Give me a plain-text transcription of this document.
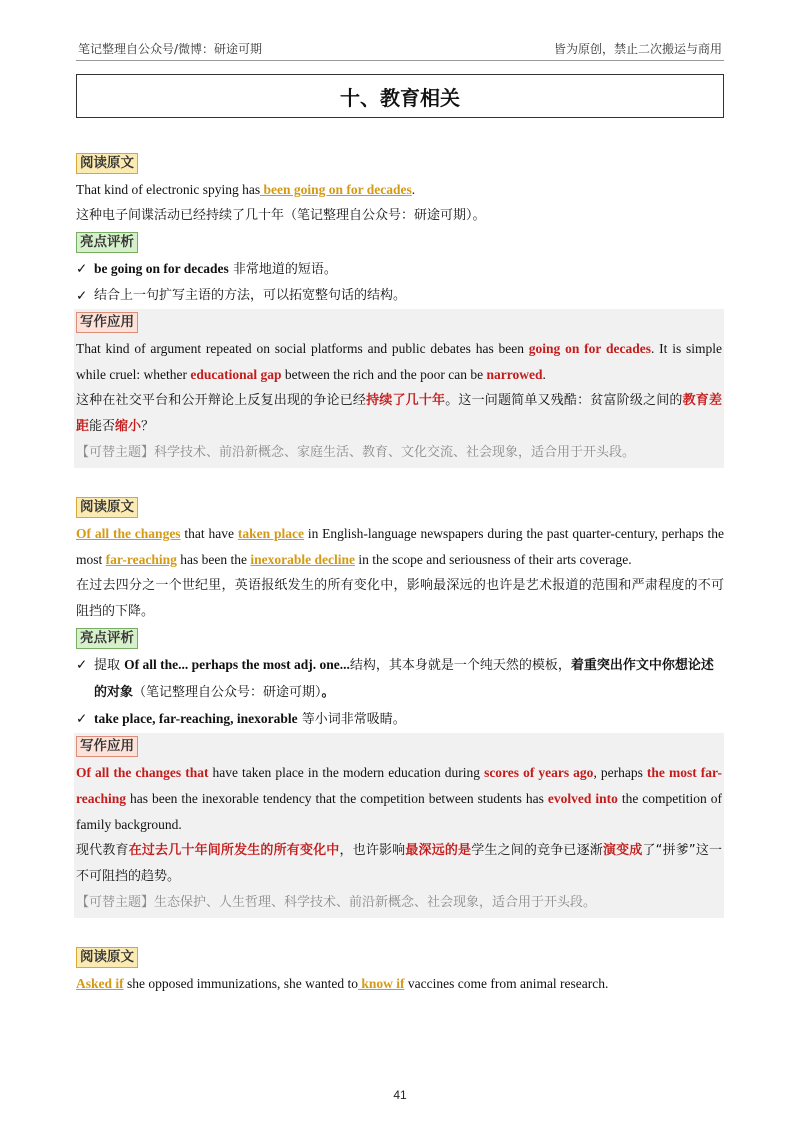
笔记整理自公众号/微博：研途可期	皆为原创，禁止二次搬运与商用
十、教育相关
阅读原文

That kind of electronic spying has been going on for decades.

这种电子间谍活动已经持续了几十年（笔记整理自公众号：研途可期）。

亮点评析
✓ be going on for decades 非常地道的短语。
✓ 结合上一句扩写主语的方法，可以拓宽整句话的结构。
写作应用

That kind of argument repeated on social platforms and public debates has been going on for decades. It is simple while cruel: whether educational gap between the rich and the poor can be narrowed.

这种在社交平台和公开辩论上反复出现的争论已经持续了几十年。这一问题简单又残酷：贫富阶级之间的教育差距能否缩小？

【可替主题】科学技术、前沿新概念、家庭生活、教育、文化交流、社会现象，适合用于开头段。

阅读原文

Of all the changes that have taken place in English-language newspapers during the past quarter-century, perhaps the most far-reaching has been the inexorable decline in the scope and seriousness of their arts coverage.

在过去四分之一个世纪里，英语报纸发生的所有变化中，影响最深远的也许是艺术报道的范围和严肃程度的不可阻挡的下降。

亮点评析
✓ 提取 Of all the... perhaps the most adj. one...结构，其本身就是一个纯天然的模板，着重突出作文中你想论述的对象（笔记整理自公众号：研途可期）。
✓ take place, far-reaching, inexorable 等小词非常吸睛。
写作应用

Of all the changes that have taken place in the modern education during scores of years ago, perhaps the most far-reaching has been the inexorable tendency that the competition between students has evolved into the competition of family background.

现代教育在过去几十年间所发生的所有变化中，也许影响最深远的是学生之间的竞争已逐渐演变成了“拼爹”这一不可阻挡的趋势。

【可替主题】生态保护、人生哲理、科学技术、前沿新概念、社会现象，适合用于开头段。

阅读原文

Asked if she opposed immunizations, she wanted to know if vaccines come from animal research.

41
